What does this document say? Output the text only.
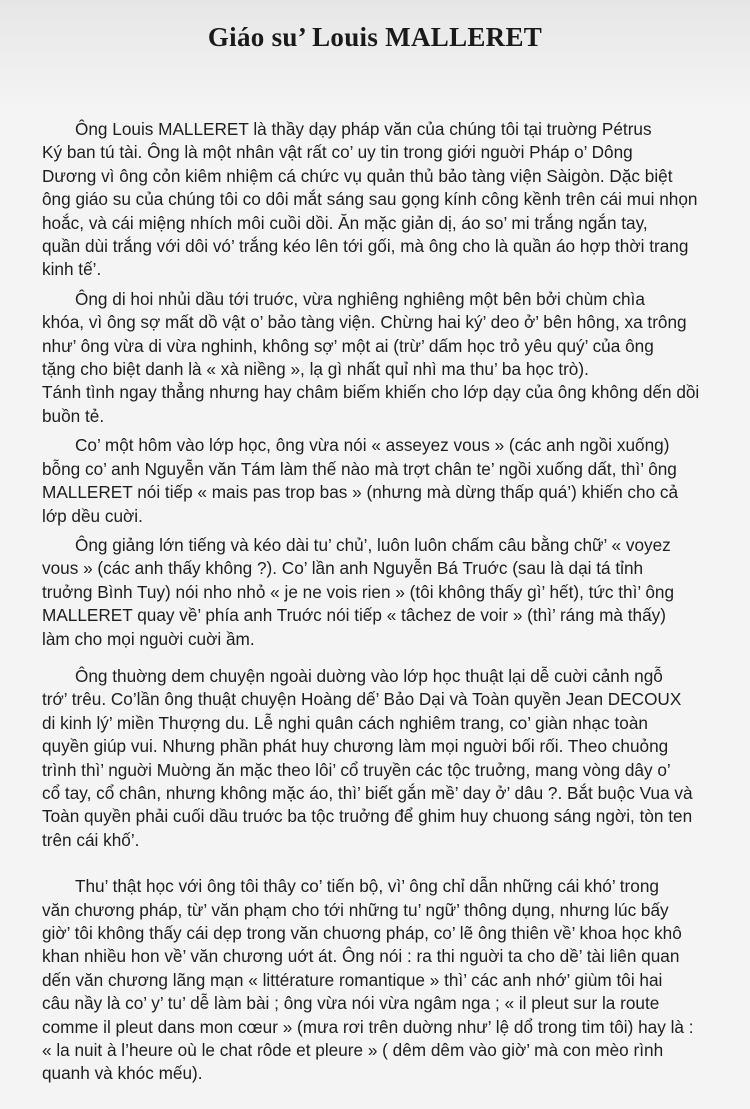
Giáo su’ Louis MALLERET

Ông Louis MALLERET là thầy dạy pháp văn của chúng tôi tại truờng Pétrus
Ký ban tú tài. Ông là một nhân vật rất co’ uy tin trong giới nguời Pháp o’ Dông
Dương vì ông cỏn kiêm nhiệm cá chức vụ quản thủ bảo tàng viện Sàigòn. Dặc biệt
ông giáo su của chúng tôi co dôi mắt sáng sau gọng kính công kềnh trên cái mui nhọn
hoắc, và cái miệng nhích môi cuồi dồi. Ăn mặc giản dị, áo so’ mi trắng ngắn tay,
quần dùi trắng với dôi vó’ trắng kéo lên tới gối, mà ông cho là quần áo hợp thời trang
kinh tế’.

Ông di hoi nhủi dầu tới truớc, vừa nghiêng nghiêng một bên bởi chùm chìa
khóa, vì ông sợ mất dồ vật o’ bảo tàng viện. Chừng hai ký’ deo ở’ bên hông, xa trông
như’ ông vừa di vừa nghinh, không sợ’ một ai (trừ’ dấm học trỏ yêu quý’ của ông
tặng cho biệt danh là « xà niềng », lạ gì nhất quỉ nhì ma thu’ ba học trò).
Tánh tình ngay thẳng nhưng hay châm biếm khiến cho lớp dạy của ông không dến dồi
buồn tẻ.

Co’ một hôm vào lớp học, ông vừa nói « asseyez vous » (các anh ngồi xuống)
bỗng co’ anh Nguyễn văn Tám làm thế nào mà trợt chân te’ ngồi xuống dất, thì’ ông
MALLERET nói tiếp « mais pas trop bas » (nhưng mà dừng thấp quá’) khiến cho cả
lớp dều cuời.

Ông giảng lớn tiếng và kéo dài tu’ chủ’, luôn luôn chấm câu bằng chữ’ « voyez
vous » (các anh thấy không ?). Co’ lần anh Nguyễn Bá Truớc (sau là dại tá tỉnh
truởng Bình Tuy) nói nho nhỏ « je ne vois rien » (tôi không thấy gì’ hết), tức thì’ ông
MALLERET quay về’ phía anh Truớc nói tiếp « tâchez de voir » (thì’ ráng mà thấy)
làm cho mọi nguời cuời ầm.

Ông thuờng dem chuyện ngoài duờng vào lớp học thuật lại dễ cuời cảnh ngỗ
trớ’ trêu. Co’lần ông thuật chuyện Hoàng dế’ Bảo Dại và Toàn quyền Jean DECOUX
di kinh lý’ miền Thượng du. Lễ nghi quân cách nghiêm trang, co’ giàn nhạc toàn
quyền giúp vui. Nhưng phần phát huy chương làm mọi nguời bối rối. Theo chuỏng
trình thì’ nguời Muờng ăn mặc theo lôi’ cổ truyền các tộc truởng, mang vòng dây o’
cổ tay, cổ chân, nhưng không mặc áo, thì’ biết gắn mề’ day ở’ dâu ?. Bắt buộc Vua và
Toàn quyền phải cuối dầu truớc ba tộc truởng để ghim huy chuong sáng ngời, tòn ten
trên cái khố’.

Thu’ thật học với ông tôi thây co’ tiến bộ, vì’ ông chỉ dẫn những cái khó’ trong
văn chương pháp, từ’ văn phạm cho tới những tu’ ngữ’ thông dụng, nhưng lúc bấy
giờ’ tôi không thấy cái dẹp trong văn chuơng pháp, co’ lẽ ông thiên về’ khoa học khô
khan nhiều hon về’ văn chương uớt át. Ông nói : ra thi nguời ta cho dề’ tài liên quan
dến văn chương lãng mạn « littérature romantique » thì’ các anh nhớ’ giùm tôi hai
câu nầy là co’ y’ tu’ dễ làm bài ; ông vừa nói vừa ngâm nga ; « il pleut sur la route
comme il pleut dans mon cœur » (mưa rơi trên duờng như’ lệ dổ trong tim tôi) hay là :
« la nuit à l’heure où le chat rôde et pleure » ( dêm dêm vào giờ’ mà con mèo rình
quanh và khóc mếu).
